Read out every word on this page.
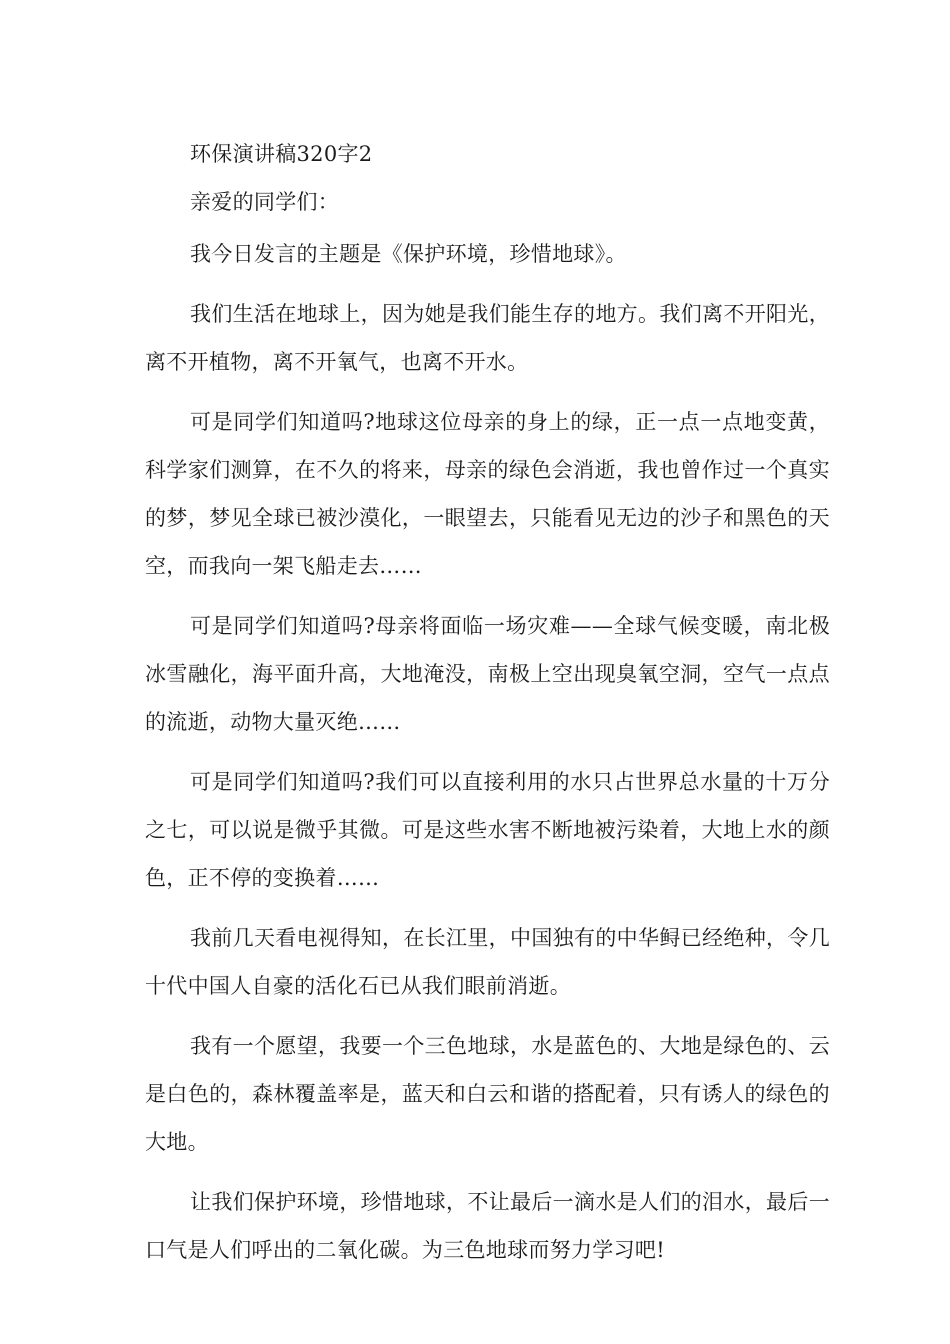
环保演讲稿320字2

亲爱的同学们：

我今日发言的主题是《保护环境，珍惜地球》。

我们生活在地球上，因为她是我们能生存的地方。我们离不开阳光，离不开植物，离不开氧气，也离不开水。

可是同学们知道吗?地球这位母亲的身上的绿，正一点一点地变黄，科学家们测算，在不久的将来，母亲的绿色会消逝，我也曾作过一个真实的梦，梦见全球已被沙漠化，一眼望去，只能看见无边的沙子和黑色的天空，而我向一架飞船走去……

可是同学们知道吗?母亲将面临一场灾难——全球气候变暖，南北极冰雪融化，海平面升高，大地淹没，南极上空出现臭氧空洞，空气一点点的流逝，动物大量灭绝……

可是同学们知道吗?我们可以直接利用的水只占世界总水量的十万分之七，可以说是微乎其微。可是这些水害不断地被污染着，大地上水的颜色，正不停的变换着……

我前几天看电视得知，在长江里，中国独有的中华鲟已经绝种，令几十代中国人自豪的活化石已从我们眼前消逝。

我有一个愿望，我要一个三色地球，水是蓝色的、大地是绿色的、云是白色的，森林覆盖率是，蓝天和白云和谐的搭配着，只有诱人的绿色的大地。

让我们保护环境，珍惜地球，不让最后一滴水是人们的泪水，最后一口气是人们呼出的二氧化碳。为三色地球而努力学习吧!
